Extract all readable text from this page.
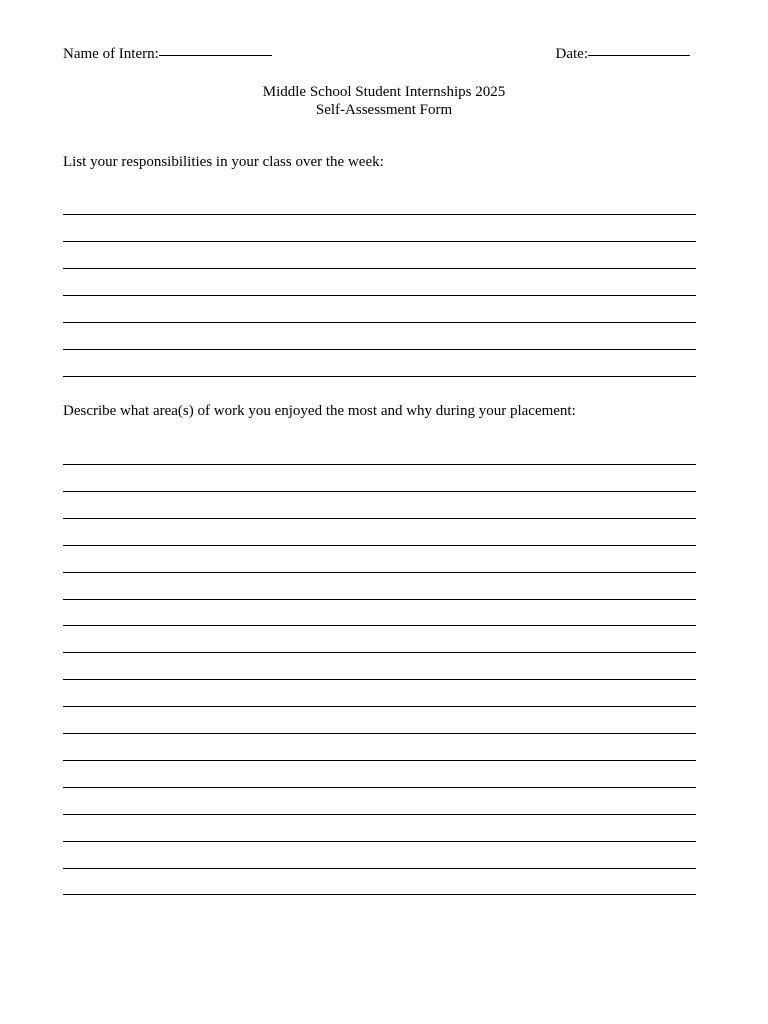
Name of Intern:	Date:
Middle School Student Internships 2025
Self-Assessment Form
List your responsibilities in your class over the week:
Describe what area(s) of work you enjoyed the most and why during your placement:
